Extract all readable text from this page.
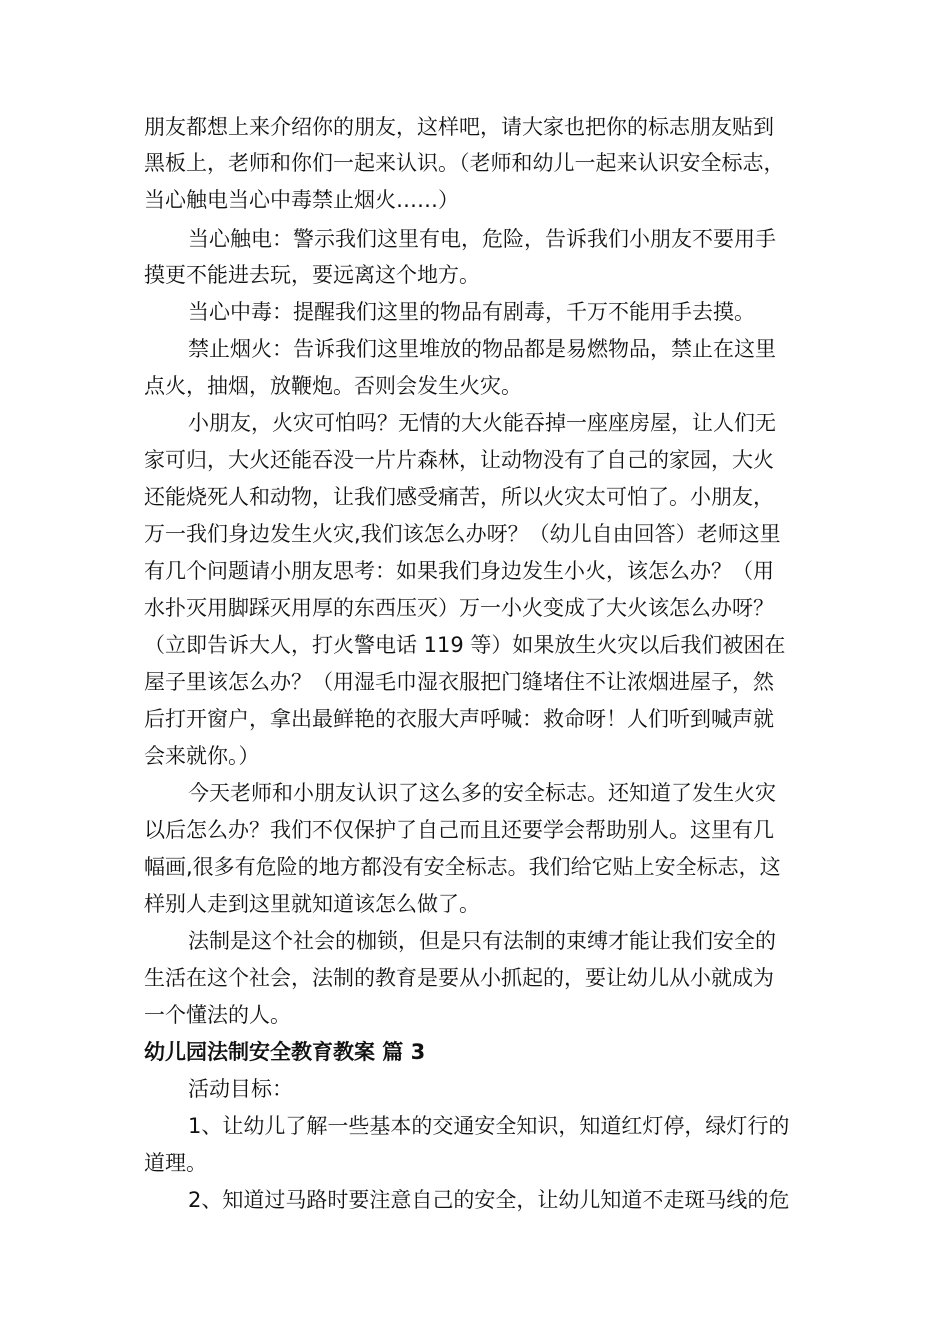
朋友都想上来介绍你的朋友，这样吧，请大家也把你的标志朋友贴到
黑板上，老师和你们一起来认识。（老师和幼儿一起来认识安全标志，
当心触电当心中毒禁止烟火……）
当心触电：警示我们这里有电，危险，告诉我们小朋友不要用手
摸更不能进去玩，要远离这个地方。
当心中毒：提醒我们这里的物品有剧毒，千万不能用手去摸。
禁止烟火：告诉我们这里堆放的物品都是易燃物品，禁止在这里
点火，抽烟，放鞭炮。否则会发生火灾。
小朋友，火灾可怕吗？无情的大火能吞掉一座座房屋，让人们无
家可归，大火还能吞没一片片森林，让动物没有了自己的家园，大火
还能烧死人和动物，让我们感受痛苦，所以火灾太可怕了。小朋友，
万一我们身边发生火灾,我们该怎么办呀？（幼儿自由回答）老师这里
有几个问题请小朋友思考：如果我们身边发生小火，该怎么办？（用
水扑灭用脚踩灭用厚的东西压灭）万一小火变成了大火该怎么办呀？
（立即告诉大人，打火警电话 119 等）如果放生火灾以后我们被困在
屋子里该怎么办？（用湿毛巾湿衣服把门缝堵住不让浓烟进屋子，然
后打开窗户，拿出最鲜艳的衣服大声呼喊：救命呀！人们听到喊声就
会来就你。）
今天老师和小朋友认识了这么多的安全标志。还知道了发生火灾
以后怎么办？我们不仅保护了自己而且还要学会帮助别人。这里有几
幅画,很多有危险的地方都没有安全标志。我们给它贴上安全标志，这
样别人走到这里就知道该怎么做了。
法制是这个社会的枷锁，但是只有法制的束缚才能让我们安全的
生活在这个社会，法制的教育是要从小抓起的，要让幼儿从小就成为
一个懂法的人。
幼儿园法制安全教育教案 篇 3
活动目标：
1、让幼儿了解一些基本的交通安全知识，知道红灯停，绿灯行的
道理。
2、知道过马路时要注意自己的安全，让幼儿知道不走斑马线的危
